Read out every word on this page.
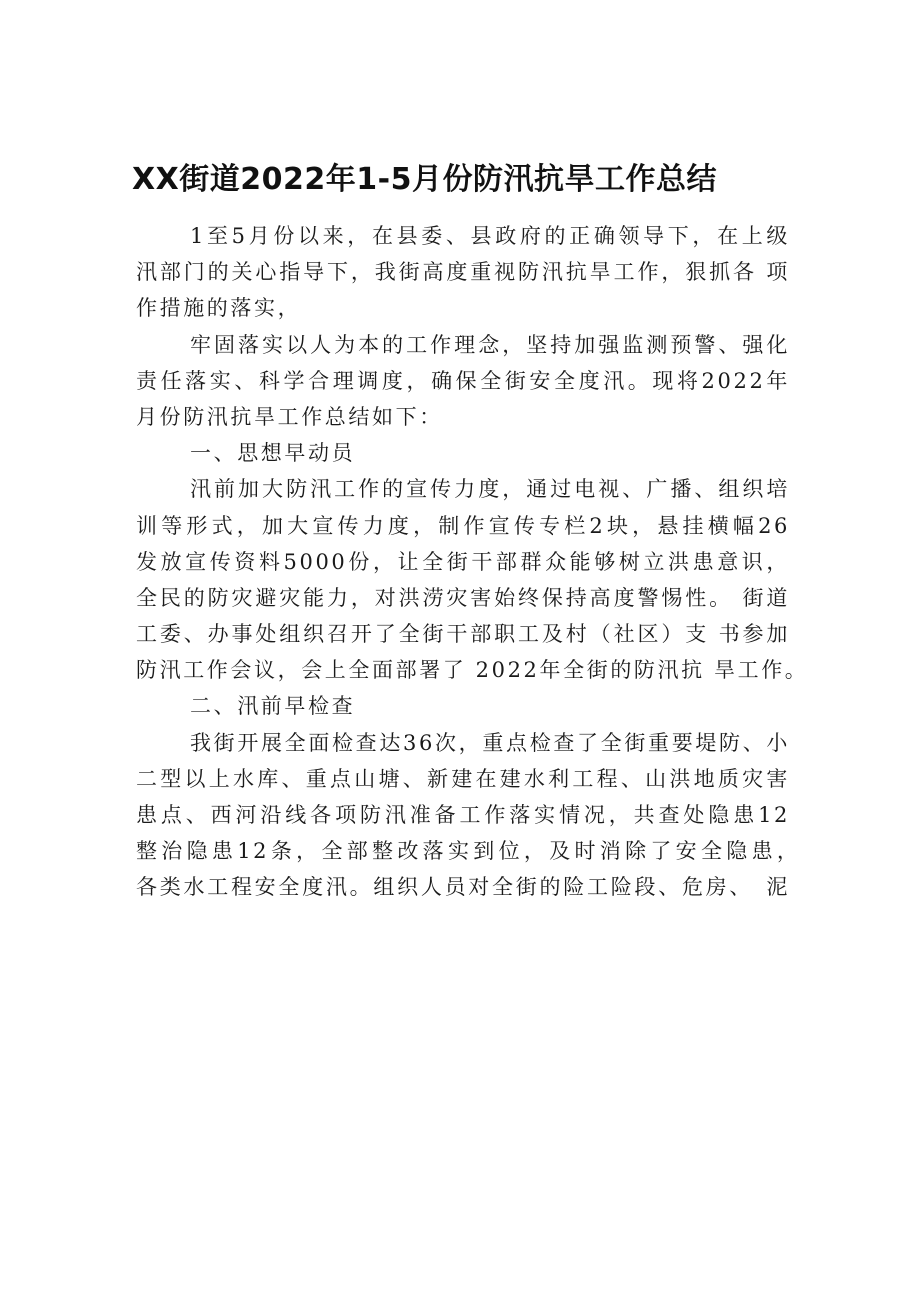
XX街道2022年1-5月份防汛抗旱工作总结
1至5月份以来，在县委、县政府的正确领导下，在上级　
汛部门的关心指导下，我街高度重视防汛抗旱工作，狠抓各 项
作措施的落实，
牢固落实以人为本的工作理念，坚持加强监测预警、强化
责任落实、科学合理调度，确保全街安全度汛。现将2022年　
月份防汛抗旱工作总结如下：
一、思想早动员
汛前加大防汛工作的宣传力度，通过电视、广播、组织培
训等形式，加大宣传力度，制作宣传专栏2块，悬挂横幅26　
发放宣传资料5000份，让全街干部群众能够树立洪患意识，
全民的防灾避灾能力，对洪涝灾害始终保持高度警惕性。 街道
工委、办事处组织召开了全街干部职工及村（社区）支 书参加
防汛工作会议，会上全面部署了 2022年全街的防汛抗 旱工作。
二、汛前早检查
我街开展全面检查达36次，重点检查了全街重要堤防、小
二型以上水库、重点山塘、新建在建水利工程、山洪地质灾害
患点、西河沿线各项防汛准备工作落实情况，共查处隐患12　
整治隐患12条，全部整改落实到位，及时消除了安全隐患，　
各类水工程安全度汛。组织人员对全街的险工险段、危房、　泥
